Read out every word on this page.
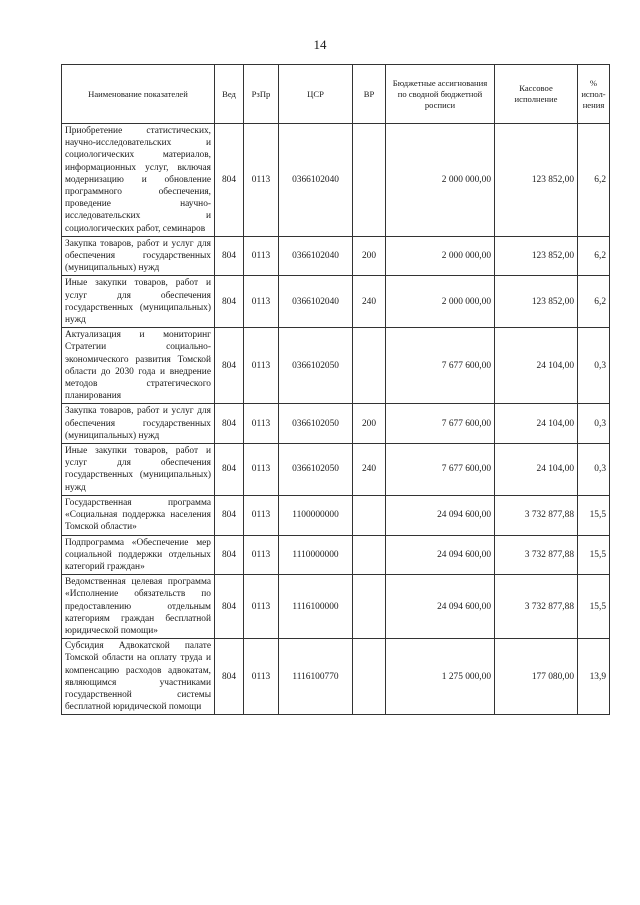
14
Наименование показателей	Вед	РзПр	ЦСР	ВР	Бюджетные ассигнования по сводной бюджетной росписи	Кассовое исполнение	% испол-нения
Приобретение статистических, научно-исследовательских и социологических материалов, информационных услуг, включая модернизацию и обновление программного обеспечения, проведение научно-исследовательских и социологических работ, семинаров	804	0113	0366102040		2 000 000,00	123 852,00	6,2
Закупка товаров, работ и услуг для обеспечения государственных (муниципальных) нужд	804	0113	0366102040	200	2 000 000,00	123 852,00	6,2
Иные закупки товаров, работ и услуг для обеспечения государственных (муниципальных) нужд	804	0113	0366102040	240	2 000 000,00	123 852,00	6,2
Актуализация и мониторинг Стратегии социально-экономического развития Томской области до 2030 года и внедрение методов стратегического планирования	804	0113	0366102050		7 677 600,00	24 104,00	0,3
Закупка товаров, работ и услуг для обеспечения государственных (муниципальных) нужд	804	0113	0366102050	200	7 677 600,00	24 104,00	0,3
Иные закупки товаров, работ и услуг для обеспечения государственных (муниципальных) нужд	804	0113	0366102050	240	7 677 600,00	24 104,00	0,3
Государственная программа «Социальная поддержка населения Томской области»	804	0113	1100000000		24 094 600,00	3 732 877,88	15,5
Подпрограмма «Обеспечение мер социальной поддержки отдельных категорий граждан»	804	0113	1110000000		24 094 600,00	3 732 877,88	15,5
Ведомственная целевая программа «Исполнение обязательств по предоставлению отдельным категориям граждан бесплатной юридической помощи»	804	0113	1116100000		24 094 600,00	3 732 877,88	15,5
Субсидия Адвокатской палате Томской области на оплату труда и компенсацию расходов адвокатам, являющимся участниками государственной системы бесплатной юридической помощи	804	0113	1116100770		1 275 000,00	177 080,00	13,9
